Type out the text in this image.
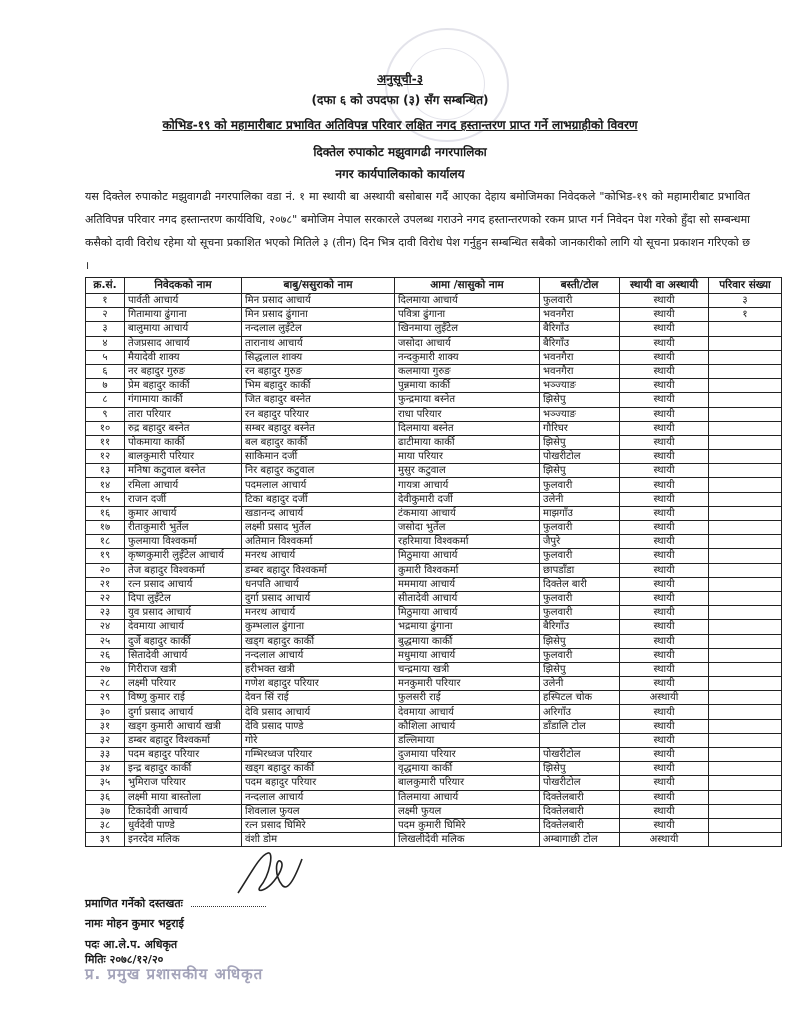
अनुसूची-३
(दफा ६ को उपदफा (३) सँग सम्बन्धित)
कोभिड-१९ को महामारीबाट प्रभावित अतिविपन्न परिवार लक्षित नगद हस्तान्तरण प्राप्त गर्ने लाभग्राहीको विवरण
दिक्तेल रुपाकोट मझुवागढी नगरपालिका
नगर कार्यपालिकाको कार्यालय
यस दिक्तेल रुपाकोट मझुवागढी नगरपालिका वडा नं. १ मा स्थायी बा अस्थायी बसोबास गर्दै आएका देहाय बमोजिमका निवेदकले "कोभिड-१९ को महामारीबाट प्रभावित अतिविपन्न परिवार नगद हस्तान्तरण कार्यविधि, २०७८" बमोजिम नेपाल सरकारले उपलब्ध गराउने नगद हस्तान्तरणको रकम प्राप्त गर्न निवेदन पेश गरेको हुँदा सो सम्बन्धमा कसैको दावी विरोध रहेमा यो सूचना प्रकाशित भएको मितिले ३ (तीन) दिन भित्र दावी विरोध पेश गर्नुहुन सम्बन्धित सबैको जानकारीको लागि यो सूचना प्रकाशन गरिएको छ ।
क्र.सं.	निवेदकको नाम	बाबु/ससुराको नाम	आमा /सासुको नाम	बस्ती/टोल	स्थायी वा अस्थायी	परिवार संख्या
१	पार्वती आचार्य	मिन प्रसाद आचार्य	दिलमाया आचार्य	फुलवारी	स्थायी	३
२	गितामाया ढुंगाना	मिन प्रसाद ढुंगाना	पवित्रा ढुंगाना	भवनगैरा	स्थायी	१
३	बालुमाया आचार्य	नन्दलाल लुइँटेल	खिनमाया लुइँटेल	बैरिगाँउ	स्थायी	
४	तेजप्रसाद आचार्य	तारानाथ आचार्य	जसोदा आचार्य	बैरिगाँउ	स्थायी	
५	मैयादेवी शाक्य	सिद्धलाल शाक्य	नन्दकुमारी शाक्य	भवनगैरा	स्थायी	
६	नर बहादुर गुरुङ	रन बहादुर गुरुङ	कलमाया गुरुङ	भवनगैरा	स्थायी	
७	प्रेम बहादुर कार्की	भिम बहादुर कार्की	पुन्नमाया कार्की	भञ्ज्याङ	स्थायी	
८	गंगामाया कार्की	जित बहादुर बस्नेत	फुन्द्रमाया बस्नेत	झिसेपु	स्थायी	
९	तारा परियार	रन बहादुर परियार	राधा परियार	भञ्ज्याङ	स्थायी	
१०	रुद्र बहादुर बस्नेत	सम्बर बहादुर बस्नेत	दिलमाया बस्नेत	गौरिघर	स्थायी	
११	पोकमाया कार्की	बल बहादुर कार्की	ढाटीमाया कार्की	झिसेपु	स्थायी	
१२	बालकुमारी परियार	साकिमान दर्जी	माया परियार	पोखरीटोल	स्थायी	
१३	मनिषा कटुवाल बस्नेत	निर बहादुर कटुवाल	मुसुर कटुवाल	झिसेपु	स्थायी	
१४	रमिला आचार्य	पदमलाल आचार्य	गायत्रा आचार्य	फुलवारी	स्थायी	
१५	राजन दर्जी	टिका बहादुर दर्जी	देवीकुमारी दर्जी	उलेनी	स्थायी	
१६	कुमार आचार्य	खडानन्द आचार्य	टंकमाया आचार्य	माझगाँउ	स्थायी	
१७	रीताकुमारी भुर्तेल	लक्ष्मी प्रसाद भुर्तेल	जसोदा भुर्तेल	फुलवारी	स्थायी	
१८	फुलमाया विश्वकर्मा	अतिमान विश्वकर्मा	रहरिमाया विश्वकर्मा	जैपुरे	स्थायी	
१९	कृष्णकुमारी लुइँटेल आचार्य	मनरथ आचार्य	मिठुमाया आचार्य	फुलवारी	स्थायी	
२०	तेज बहादुर विश्वकर्मा	डम्बर बहादुर विश्वकर्मा	कुमारी विश्वकर्मा	छापडाँडा	स्थायी	
२१	रत्न प्रसाद आचार्य	धनपति आचार्य	मममाया आचार्य	दिक्तेल बारी	स्थायी	
२२	दिपा लुइँटेल	दुर्गा प्रसाद आचार्य	सीतादेवी आचार्य	फुलवारी	स्थायी	
२३	युव प्रसाद आचार्य	मनरथ आचार्य	मिठुमाया आचार्य	फुलवारी	स्थायी	
२४	देवमाया आचार्य	कुम्भलाल ढुंगाना	भद्रमाया ढुंगाना	बैरिगाँउ	स्थायी	
२५	दुर्जे बहादुर कार्की	खड्ग बहादुर कार्की	बुद्धमाया कार्की	झिसेपु	स्थायी	
२६	सितादेवी आचार्य	नन्दलाल आचार्य	मधुमाया आचार्य	फुलवारी	स्थायी	
२७	गिरीराज खत्री	हरीभक्त खत्री	चन्द्रमाया खत्री	झिसेपु	स्थायी	
२८	लक्ष्मी परियार	गणेश बहादुर परियार	मनकुमारी परियार	उलेनी	स्थायी	
२९	विष्णु कुमार राई	देवन सिं राई	फुलसरी राई	हस्पिटल चोक	अस्थायी	
३०	दुर्गा प्रसाद आचार्य	देवि प्रसाद आचार्य	देवमाया आचार्य	अरिगाँउ	स्थायी	
३१	खड्ग कुमारी आचार्य खत्री	देवि प्रसाद पाण्डे	कौशिला आचार्य	डाँडालि टोल	स्थायी	
३२	डम्बर बहादुर विश्वकर्मा	गोरे	डल्लिमाया		स्थायी	
३३	पदम बहादुर परियार	गम्भिरध्वज परियार	दुजमाया परियार	पोखरीटोल	स्थायी	
३४	इन्द्र बहादुर कार्की	खड्ग बहादुर कार्की	वृद्धमाया कार्की	झिसेपु	स्थायी	
३५	भुमिराज परियार	पदम बहादुर परियार	बालकुमारी परियार	पोखरीटोल	स्थायी	
३६	लक्ष्मी माया बास्तोला	नन्दलाल आचार्य	तिलमाया आचार्य	दिक्तेलबारी	स्थायी	
३७	टिकादेवी आचार्य	शिवलाल फुयल	लक्ष्मी फुयल	दिक्तेलबारी	स्थायी	
३८	धुर्वदेवी पाण्डे	रत्न प्रसाद घिमिरे	पदम कुमारी घिमिरे	दिक्तेलबारी	स्थायी	
३९	इनरदेव मलिक	वंशी डोम	लिखलीदेवी मलिक	अम्बागाछी टोल	अस्थायी	
प्रमाणित गर्नेको दस्तखतः
नामः मोहन कुमार भट्टराई
पदः आ.ले.प. अधिकृत
मितिः २०७८/१२/२०
प्र. प्रमुख प्रशासकीय अधिकृत
